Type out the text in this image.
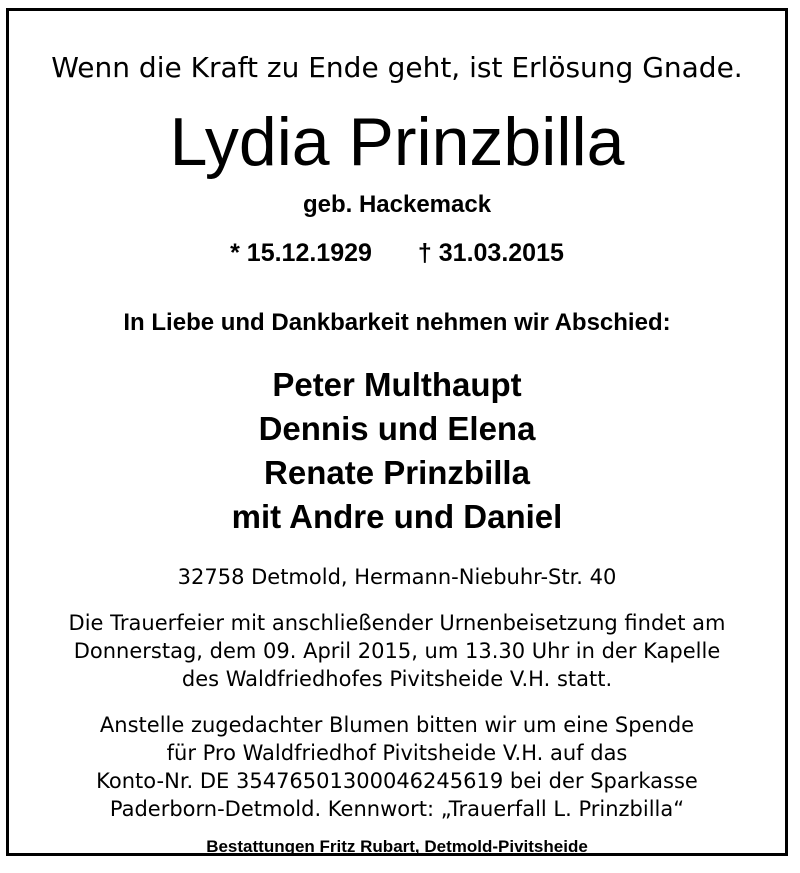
Wenn die Kraft zu Ende geht, ist Erlösung Gnade.
Lydia Prinzbilla
geb. Hackemack
* 15.12.1929 † 31.03.2015
In Liebe und Dankbarkeit nehmen wir Abschied:
Peter Multhaupt
Dennis und Elena
Renate Prinzbilla
mit Andre und Daniel
32758 Detmold, Hermann-Niebuhr-Str. 40
Die Trauerfeier mit anschließender Urnenbeisetzung findet am
Donnerstag, dem 09. April 2015, um 13.30 Uhr in der Kapelle
des Waldfriedhofes Pivitsheide V.H. statt.
Anstelle zugedachter Blumen bitten wir um eine Spende
für Pro Waldfriedhof Pivitsheide V.H. auf das
Konto-Nr. DE 35476501300046245619 bei der Sparkasse
Paderborn-Detmold. Kennwort: „Trauerfall L. Prinzbilla“
Bestattungen Fritz Rubart, Detmold-Pivitsheide
